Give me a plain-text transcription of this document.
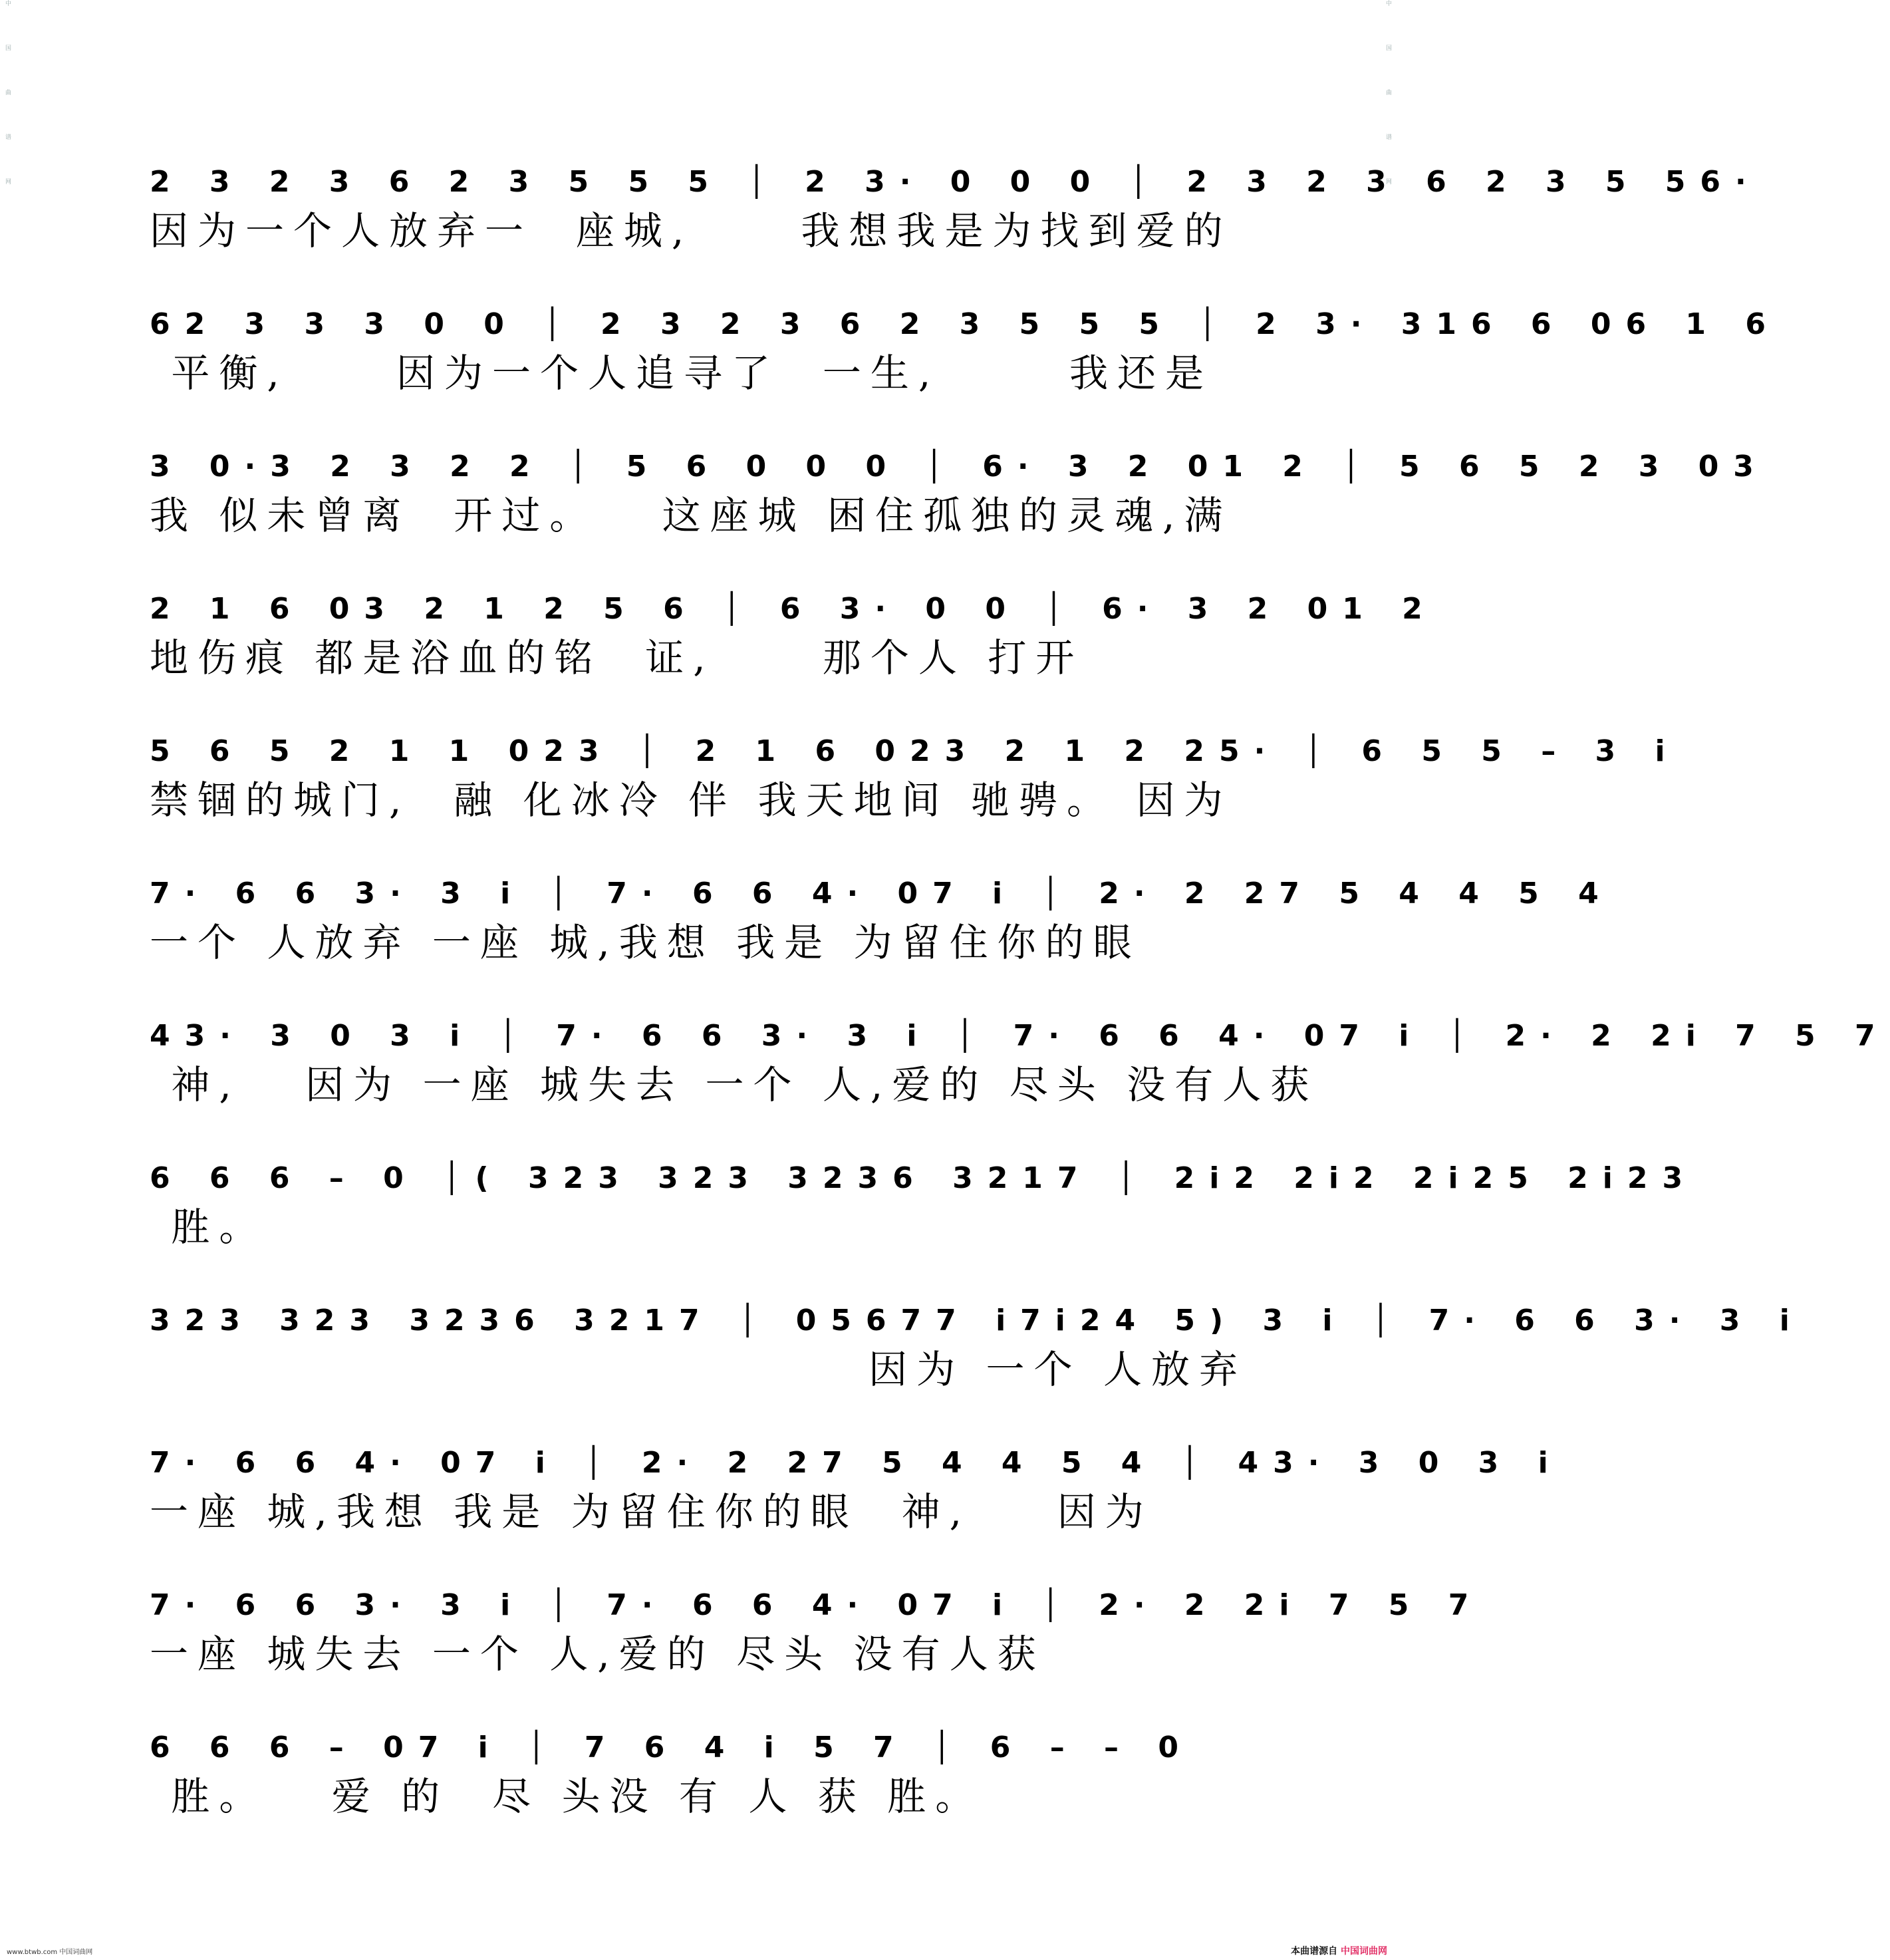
中国曲谱网	中国曲谱网
2 3 2 3 6 2 3 5 5 5 │ 2 3· 0 0 0 │ 2 3 2 3 6 2 3 5 56·
因为一个人放弃一  座城,     我想我是为找到爱的
62 3 3 3 0 0 │ 2 3 2 3 6 2 3 5 5 5 │ 2 3· 316 6 06 1 6
平衡,     因为一个人追寻了  一生,      我还是
3 0·3 2 3 2 2 │ 5 6 0 0 0 │ 6· 3 2 01 2 │ 5 6 5 2 3 03
我 似未曾离  开过。   这座城 困住孤独的灵魂,满
2 1 6 03 2 1 2 5 6 │ 6 3· 0 0 │ 6· 3 2 01 2
地伤痕 都是浴血的铭  证,     那个人 打开
5 6 5 2 1 1 023 │ 2 1 6 023 2 1 2 25· │ 6 5 5 – 3 i
禁锢的城门,  融 化冰冷 伴 我天地间 驰骋。 因为
7· 6 6 3· 3 i │ 7· 6 6 4· 07 i │ 2· 2 27 5 4 4 5 4
一个 人放弃 一座 城,我想 我是 为留住你的眼
43· 3 0 3 i │ 7· 6 6 3· 3 i │ 7· 6 6 4· 07 i │ 2· 2 2i 7 5 7
神,   因为 一座 城失去 一个 人,爱的 尽头 没有人获
6 6 6 – 0 │( 323 323 3236 3217 │ 2i2 2i2 2i25 2i23
胜。
323 323 3236 3217 │ 05677 i7i24 5) 3 i │ 7· 6 6 3· 3 i
因为 一个 人放弃
7· 6 6 4· 07 i │ 2· 2 27 5 4 4 5 4 │ 43· 3 0 3 i
一座 城,我想 我是 为留住你的眼  神,    因为
7· 6 6 3· 3 i │ 7· 6 6 4· 07 i │ 2· 2 2i 7 5 7
一座 城失去 一个 人,爱的 尽头 没有人获
6 6 6 – 07 i │ 7 6 4 i 5 7 │ 6 – – 0
胜。   爱 的  尽 头没 有 人 获 胜。
www.btwb.com 中国词曲网	本曲谱源自 中国词曲网
